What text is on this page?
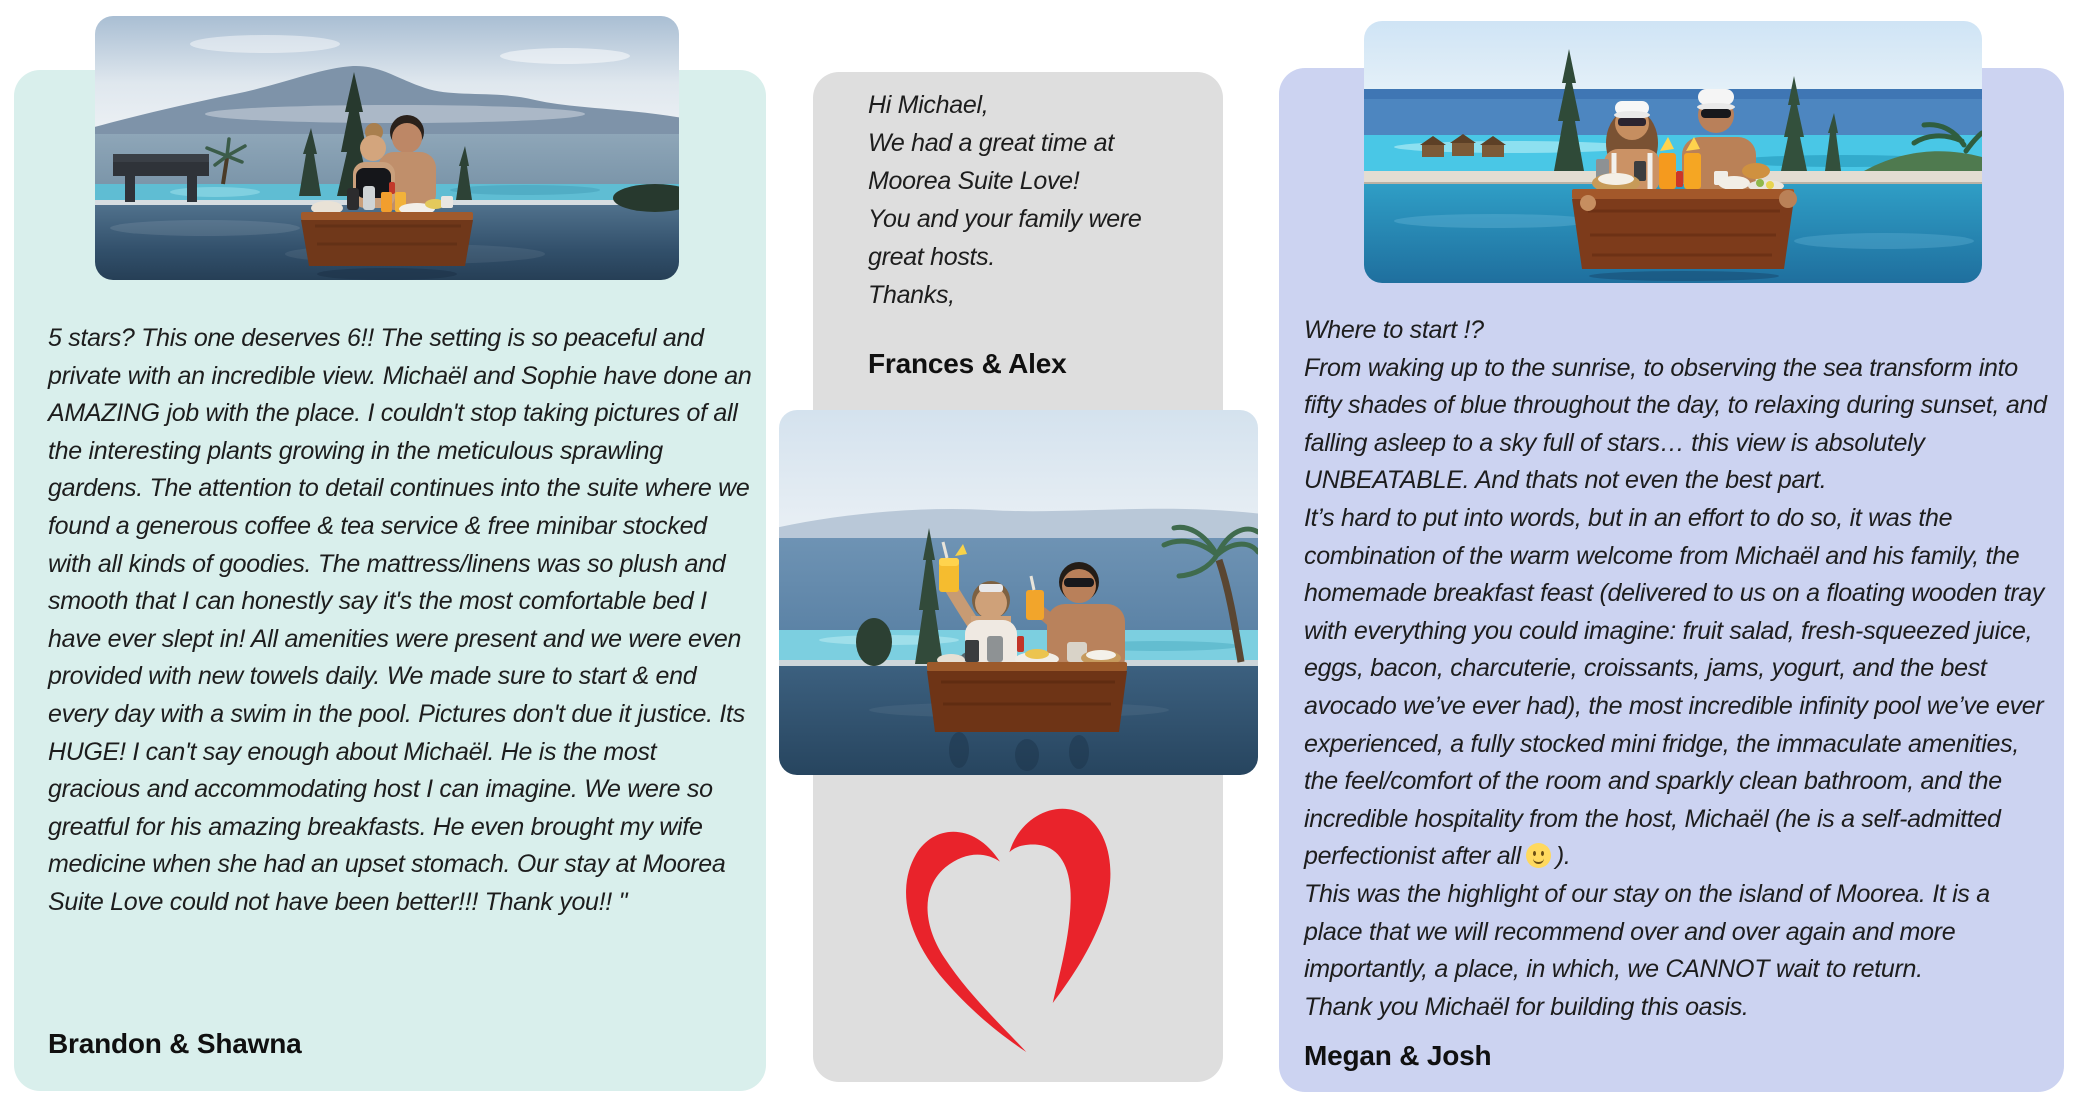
5 stars? This one deserves 6!! The setting is so peaceful and private with an incredible view. Michaël and Sophie have done an AMAZING job with the place. I couldn't stop taking pictures of all the interesting plants growing in the meticulous sprawling gardens. The attention to detail continues into the suite where we found a generous coffee & tea service & free minibar stocked with all kinds of goodies. The mattress/linens was so plush and smooth that I can honestly say it's the most comfortable bed I have ever slept in! All amenities were present and we were even provided with new towels daily. We made sure to start & end every day with a swim in the pool. Pictures don't due it justice. Its HUGE! I can't say enough about Michaël. He is the most gracious and accommodating host I can imagine. We were so greatful for his amazing breakfasts. He even brought my wife medicine when she had an upset stomach. Our stay at Moorea Suite Love could not have been better!!! Thank you!! "

Brandon & Shawna
Hi Michael,
We had a great time at
Moorea Suite Love!
You and your family were
great hosts.
Thanks,
Frances & Alex
Where to start !?
From waking up to the sunrise, to observing the sea transform into fifty shades of blue throughout the day, to relaxing during sunset, and falling asleep to a sky full of stars… this view is absolutely UNBEATABLE. And thats not even the best part.
It’s hard to put into words, but in an effort to do so, it was the combination of the warm welcome from Michaël and his family, the homemade breakfast feast (delivered to us on a floating wooden tray with everything you could imagine: fruit salad, fresh-squeezed juice, eggs, bacon, charcuterie, croissants, jams, yogurt, and the best avocado we’ve ever had), the most incredible infinity pool we’ve ever experienced, a fully stocked mini fridge, the immaculate amenities, the feel/comfort of the room and sparkly clean bathroom, and the incredible hospitality from the host, Michaël (he is a self-admitted perfectionist after all ).
This was the highlight of our stay on the island of Moorea. It is a place that we will recommend over and over again and more importantly, a place, in which, we CANNOT wait to return.
Thank you Michaël for building this oasis.
Megan & Josh
